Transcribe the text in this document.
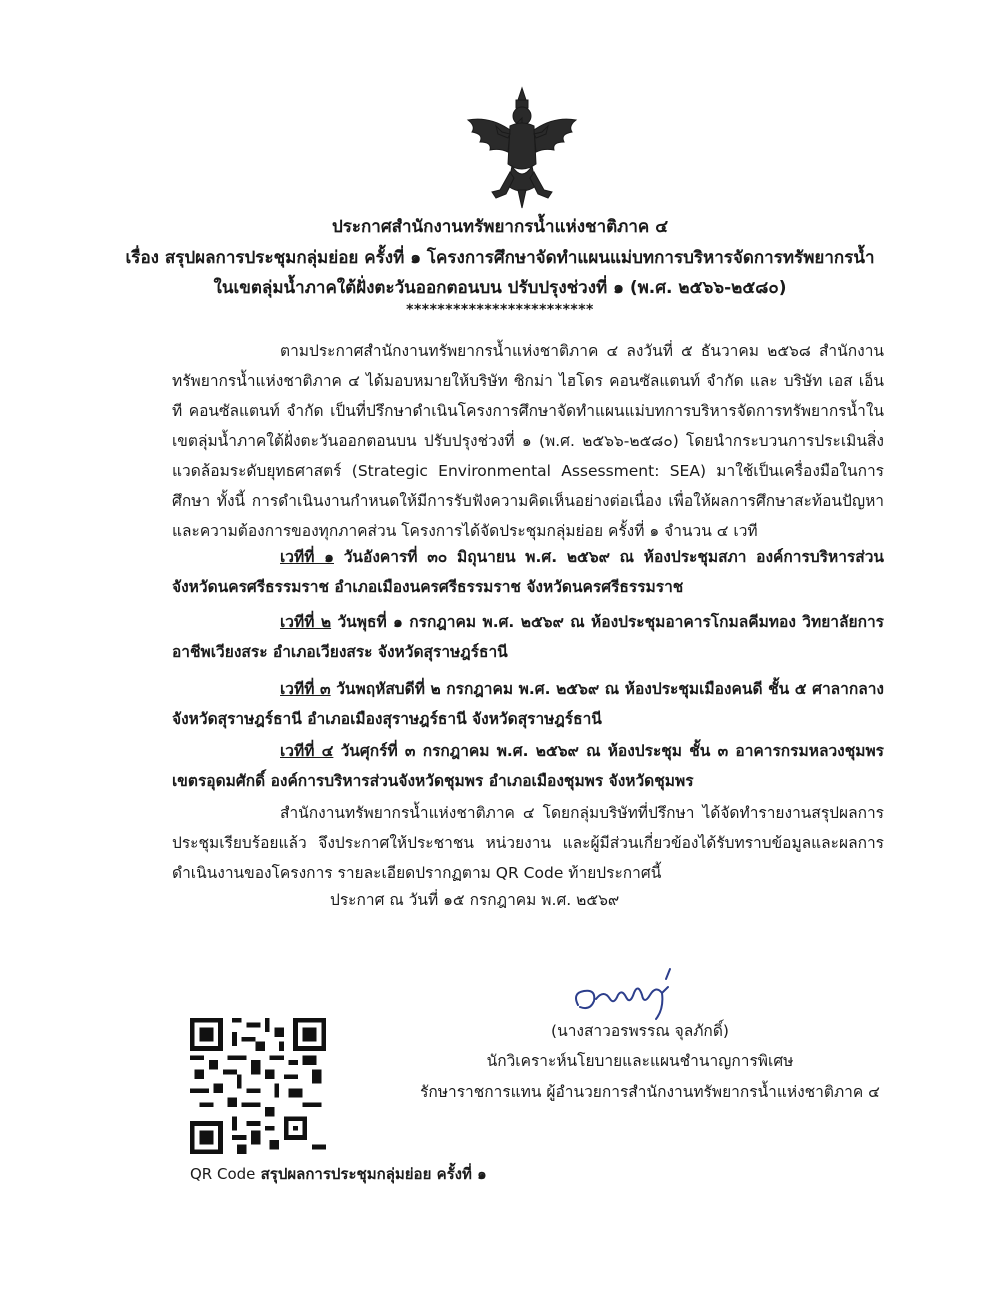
ประกาศสำนักงานทรัพยากรน้ำแห่งชาติภาค ๔
เรื่อง สรุปผลการประชุมกลุ่มย่อย ครั้งที่ ๑ โครงการศึกษาจัดทำแผนแม่บทการบริหารจัดการทรัพยากรน้ำ
ในเขตลุ่มน้ำภาคใต้ฝั่งตะวันออกตอนบน ปรับปรุงช่วงที่ ๑ (พ.ศ. ๒๕๖๖-๒๕๘๐)
************************

ตามประกาศสำนักงานทรัพยากรน้ำแห่งชาติภาค ๔ ลงวันที่ ๕ ธันวาคม ๒๕๖๘ สำนักงานทรัพยากรน้ำแห่งชาติภาค ๔ ได้มอบหมายให้บริษัท ซิกม่า ไฮโดร คอนซัลแตนท์ จำกัด และ บริษัท เอส เอ็น ที คอนซัลแตนท์ จำกัด เป็นที่ปรึกษาดำเนินโครงการศึกษาจัดทำแผนแม่บทการบริหารจัดการทรัพยากรน้ำในเขตลุ่มน้ำภาคใต้ฝั่งตะวันออกตอนบน ปรับปรุงช่วงที่ ๑ (พ.ศ. ๒๕๖๖-๒๕๘๐) โดยนำกระบวนการประเมินสิ่งแวดล้อมระดับยุทธศาสตร์ (Strategic Environmental Assessment: SEA) มาใช้เป็นเครื่องมือในการศึกษา ทั้งนี้ การดำเนินงานกำหนดให้มีการรับฟังความคิดเห็นอย่างต่อเนื่อง เพื่อให้ผลการศึกษาสะท้อนปัญหาและความต้องการของทุกภาคส่วน โครงการได้จัดประชุมกลุ่มย่อย ครั้งที่ ๑ จำนวน ๔ เวที

เวทีที่ ๑ วันอังคารที่ ๓๐ มิถุนายน พ.ศ. ๒๕๖๙ ณ ห้องประชุมสภา องค์การบริหารส่วนจังหวัดนครศรีธรรมราช อำเภอเมืองนครศรีธรรมราช จังหวัดนครศรีธรรมราช

เวทีที่ ๒ วันพุธที่ ๑ กรกฎาคม พ.ศ. ๒๕๖๙ ณ ห้องประชุมอาคารโกมลคีมทอง วิทยาลัยการอาชีพเวียงสระ อำเภอเวียงสระ จังหวัดสุราษฎร์ธานี

เวทีที่ ๓ วันพฤหัสบดีที่ ๒ กรกฎาคม พ.ศ. ๒๕๖๙ ณ ห้องประชุมเมืองคนดี ชั้น ๕ ศาลากลางจังหวัดสุราษฎร์ธานี อำเภอเมืองสุราษฎร์ธานี จังหวัดสุราษฎร์ธานี

เวทีที่ ๔ วันศุกร์ที่ ๓ กรกฎาคม พ.ศ. ๒๕๖๙ ณ ห้องประชุม ชั้น ๓ อาคารกรมหลวงชุมพรเขตรอุดมศักดิ์ องค์การบริหารส่วนจังหวัดชุมพร อำเภอเมืองชุมพร จังหวัดชุมพร

สำนักงานทรัพยากรน้ำแห่งชาติภาค ๔ โดยกลุ่มบริษัทที่ปรึกษา ได้จัดทำรายงานสรุปผลการประชุมเรียบร้อยแล้ว จึงประกาศให้ประชาชน หน่วยงาน และผู้มีส่วนเกี่ยวข้องได้รับทราบข้อมูลและผลการดำเนินงานของโครงการ รายละเอียดปรากฏตาม QR Code ท้ายประกาศนี้

ประกาศ ณ วันที่ ๑๕ กรกฎาคม พ.ศ. ๒๕๖๙
(นางสาวอรพรรณ จุลภักดิ์)
นักวิเคราะห์นโยบายและแผนชำนาญการพิเศษ
รักษาราชการแทน ผู้อำนวยการสำนักงานทรัพยากรน้ำแห่งชาติภาค ๔
QR Code สรุปผลการประชุมกลุ่มย่อย ครั้งที่ ๑
